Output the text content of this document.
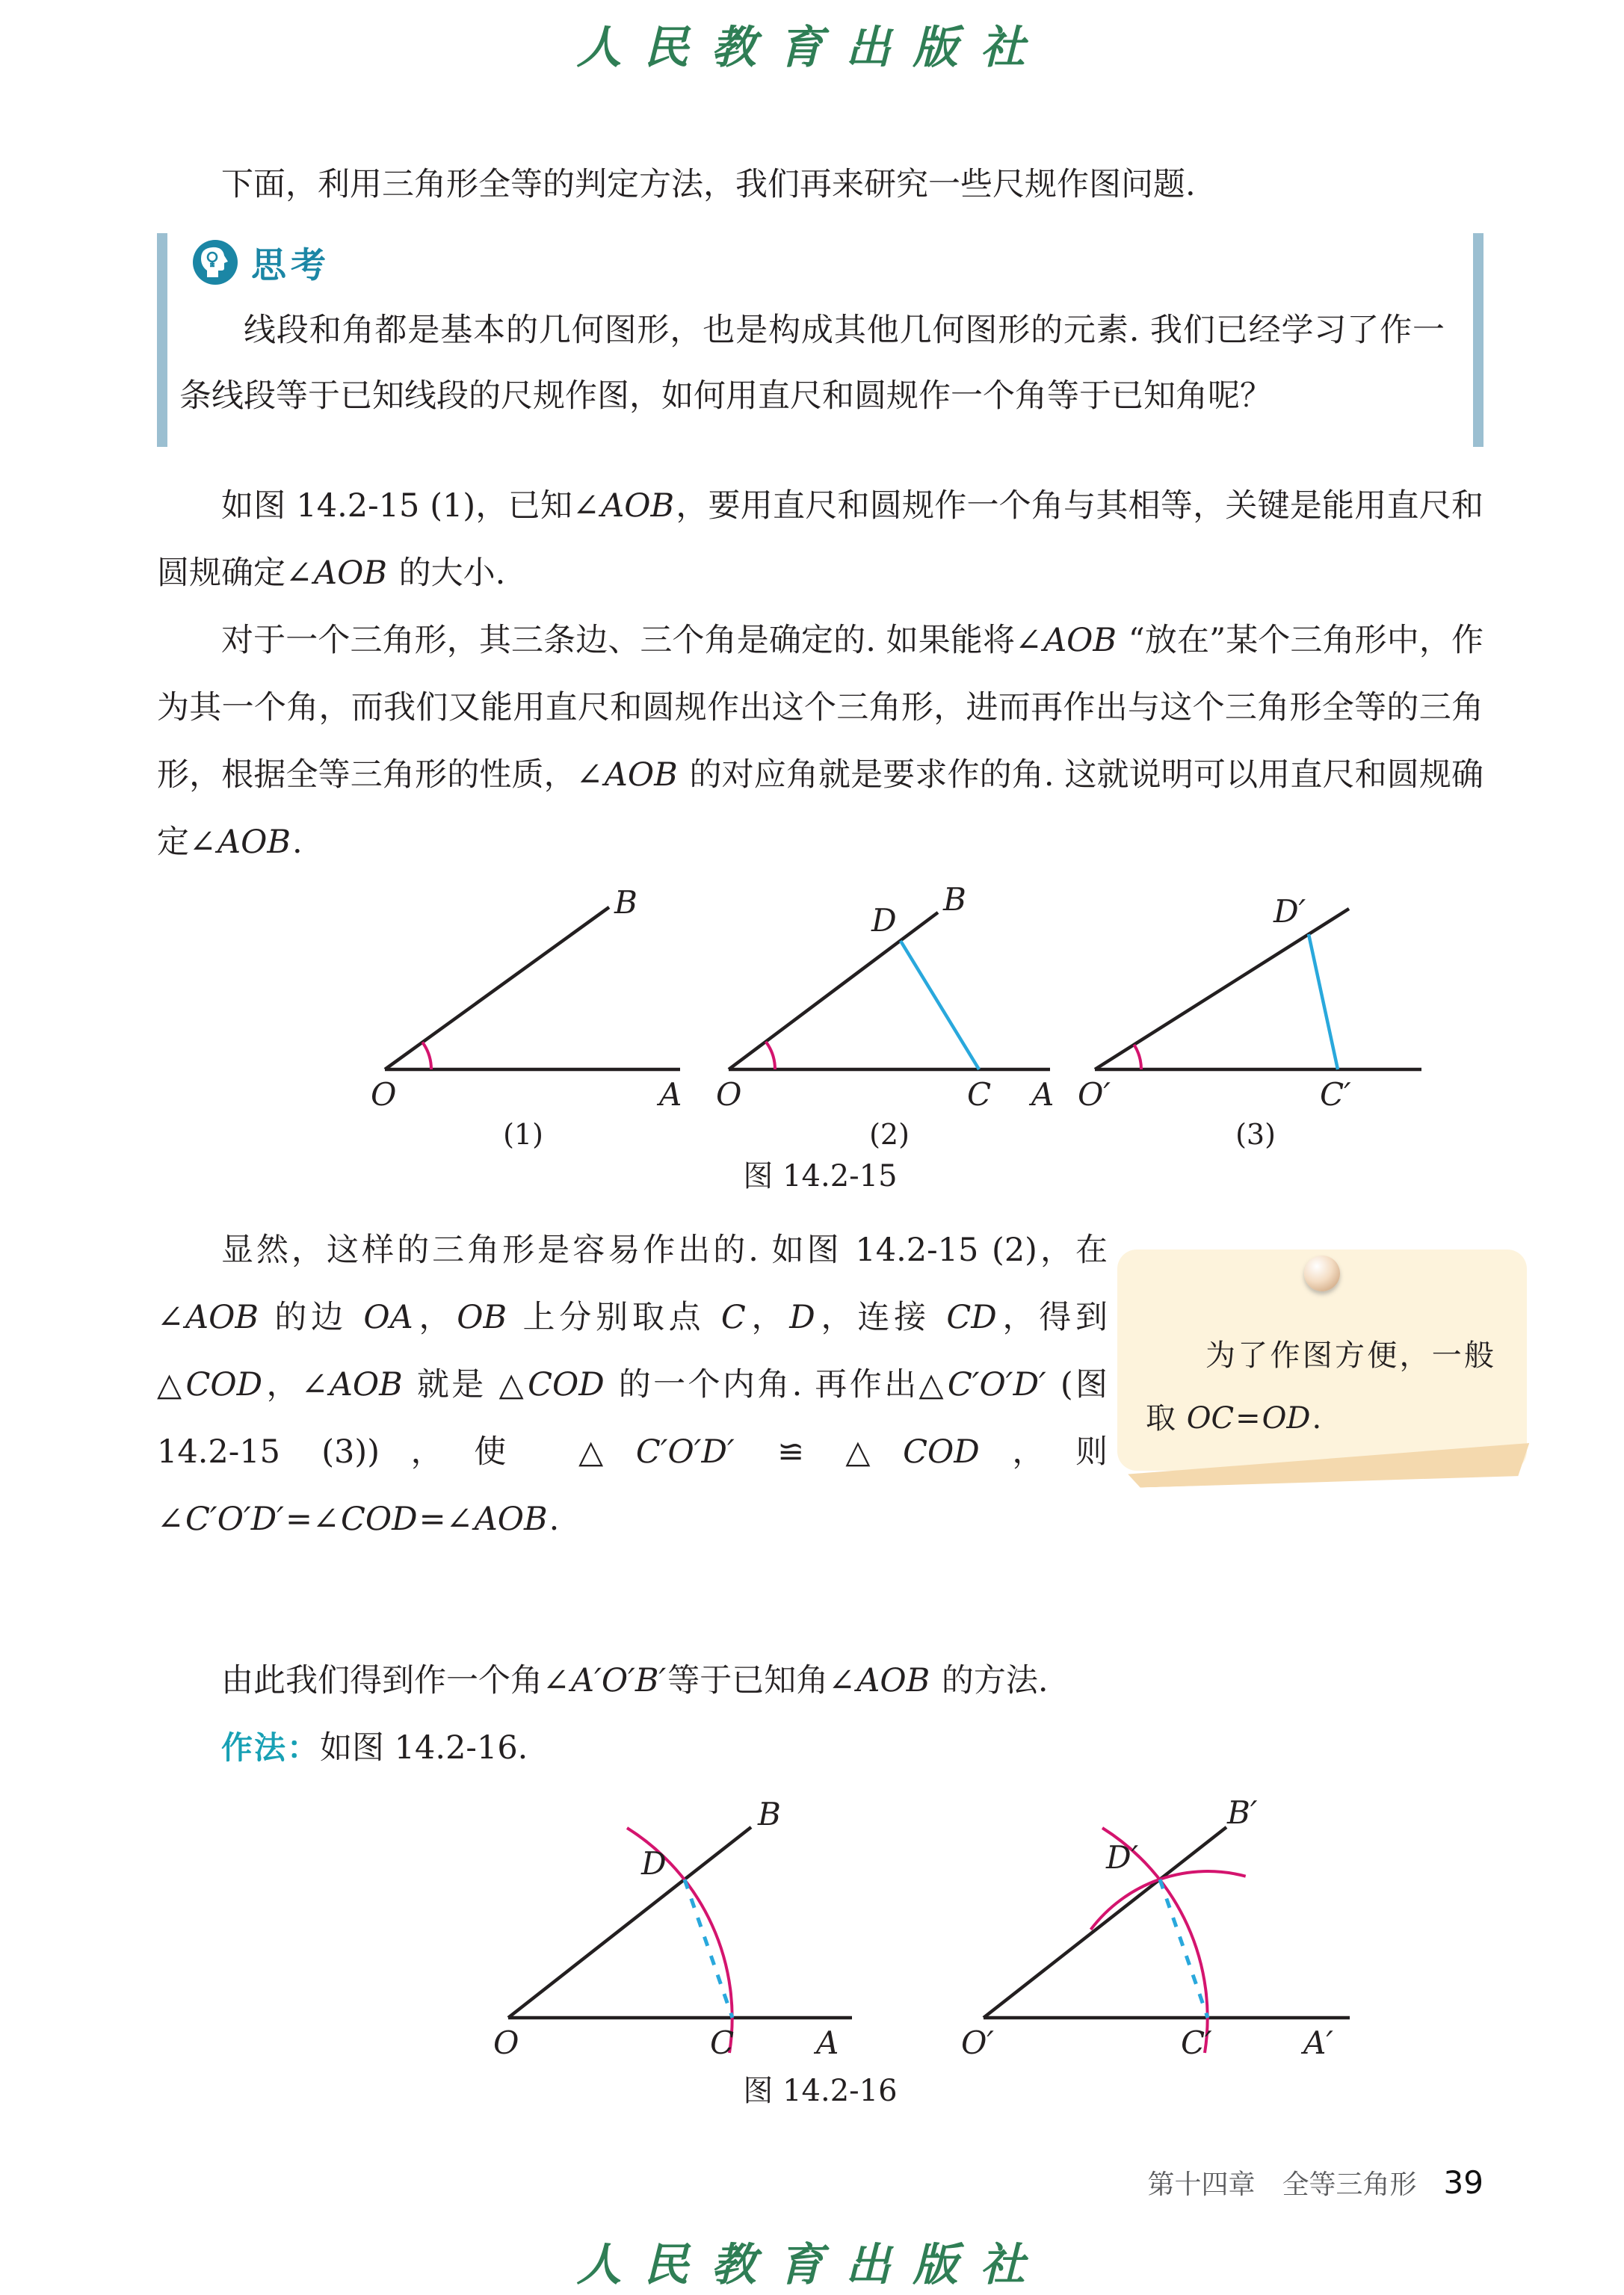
人民教育出版社

下面，利用三角形全等的判定方法，我们再来研究一些尺规作图问题.

思考

线段和角都是基本的几何图形，也是构成其他几何图形的元素. 我们已经学习了作一条线段等于已知线段的尺规作图，如何用直尺和圆规作一个角等于已知角呢？

如图 14.2-15 (1)，已知∠AOB，要用直尺和圆规作一个角与其相等，关键是能用直尺和圆规确定∠AOB 的大小.

对于一个三角形，其三条边、三个角是确定的. 如果能将∠AOB “放在”某个三角形中，作为其一个角，而我们又能用直尺和圆规作出这个三角形，进而再作出与这个三角形全等的三角形，根据全等三角形的性质，∠AOB 的对应角就是要求作的角. 这就说明可以用直尺和圆规确定∠AOB.

O	A
B
(1)
O	C A
B
D
(2)
O′	C′
D′
(3)
图 14.2-15

显然，这样的三角形是容易作出的. 如图 14.2-15 (2)，在∠AOB 的边 OA，OB 上分别取点 C，D，连接 CD，得到 △COD，∠AOB 就是 △COD 的一个内角. 再作出△C′O′D′ (图 14.2-15 (3))，使 △C′O′D′ ≌ △COD，则 ∠C′O′D′=∠COD=∠AOB.

为了作图方便，一般取 OC=OD.

由此我们得到作一个角∠A′O′B′等于已知角∠AOB 的方法.

作法：如图 14.2-16.

O	C	A
B
D
O′	C′	A′
B′
D′
图 14.2-16
第十四章 全等三角形 39
人民教育出版社
